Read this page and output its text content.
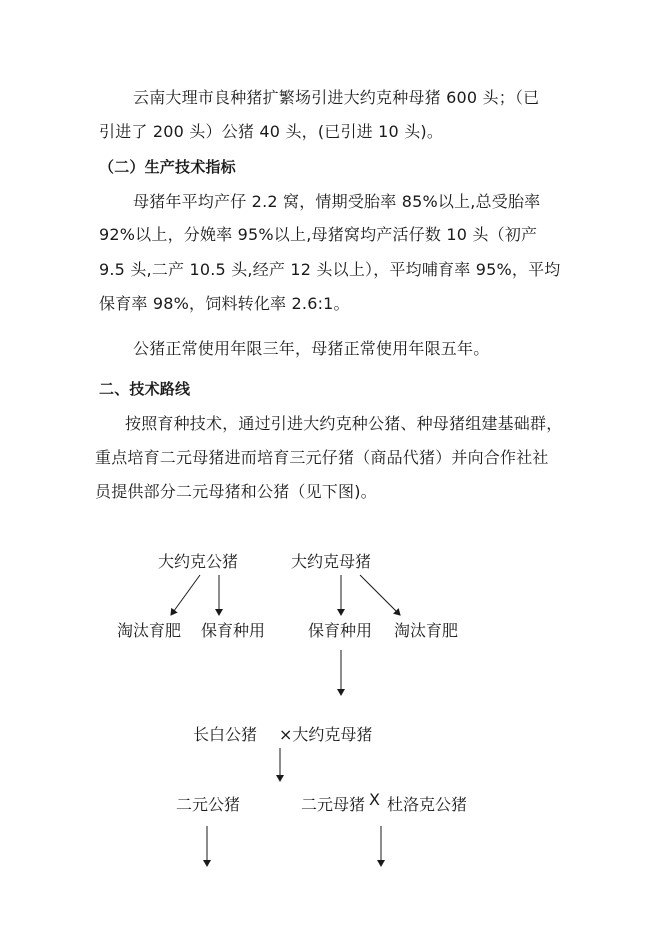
云南大理市良种猪扩繁场引进大约克种母猪 600 头；（已
引进了 200 头）公猪 40 头，(已引进 10 头)。
（二）生产技术指标
母猪年平均产仔 2.2 窝，情期受胎率 85%以上,总受胎率
92%以上，分娩率 95%以上,母猪窝均产活仔数 10 头（初产
9.5 头,二产 10.5 头,经产 12 头以上），平均哺育率 95%，平均
保育率 98%，饲料转化率 2.6:1。
公猪正常使用年限三年，母猪正常使用年限五年。
二、技术路线
按照育种技术，通过引进大约克种公猪、种母猪组建基础群，
重点培育二元母猪进而培育三元仔猪（商品代猪）并向合作社社
员提供部分二元母猪和公猪（见下图)。
大约克公猪	大约克母猪
淘汰育肥 保育种用	保育种用 淘汰育肥
长白公猪 ×大约克母猪
二元公猪	二元母猪 X 杜洛克公猪
